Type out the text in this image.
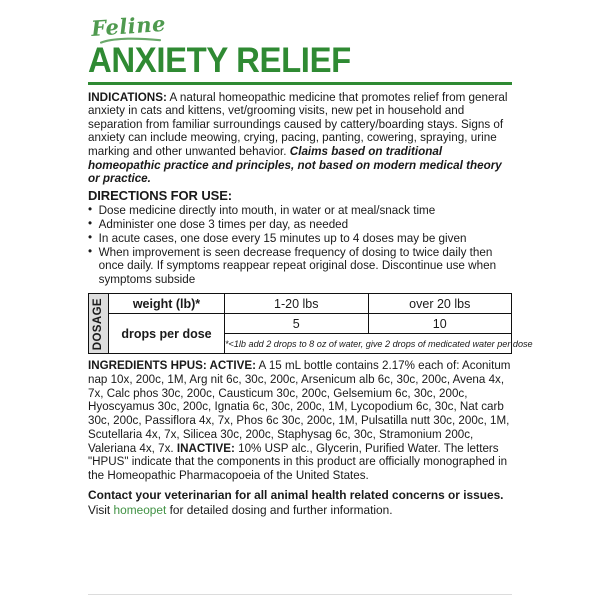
Feline
ANXIETY RELIEF
INDICATIONS: A natural homeopathic medicine that promotes relief from general anxiety in cats and kittens, vet/grooming visits, new pet in household and separation from familiar surroundings caused by cattery/boarding stays. Signs of anxiety can include meowing, crying, pacing, panting, cowering, spraying, urine marking and other unwanted behavior. Claims based on traditional homeopathic practice and principles, not based on modern medical theory or practice.
DIRECTIONS FOR USE:
• Dose medicine directly into mouth, in water or at meal/snack time
• Administer one dose 3 times per day, as needed
• In acute cases, one dose every 15 minutes up to 4 doses may be given
• When improvement is seen decrease frequency of dosing to twice daily then once daily. If symptoms reappear repeat original dose. Discontinue use when symptoms subside
DOSAGE	weight (lb)*	1-20 lbs	over 20 lbs
	drops per dose	5	10
		*<1lb add 2 drops to 8 oz of water, give 2 drops of medicated water per dose	
INGREDIENTS HPUS: ACTIVE: A 15 mL bottle contains 2.17% each of: Aconitum nap 10x, 200c, 1M, Arg nit 6c, 30c, 200c, Arsenicum alb 6c, 30c, 200c, Avena 4x, 7x, Calc phos 30c, 200c, Causticum 30c, 200c, Gelsemium 6c, 30c, 200c, Hyoscyamus 30c, 200c, Ignatia 6c, 30c, 200c, 1M, Lycopodium 6c, 30c, Nat carb 30c, 200c, Passiflora 4x, 7x, Phos 6c 30c, 200c, 1M, Pulsatilla nutt 30c, 200c, 1M, Scutellaria 4x, 7x, Silicea 30c, 200c, Staphysag 6c, 30c, Stramonium 200c, Valeriana 4x, 7x. INACTIVE: 10% USP alc., Glycerin, Purified Water. The letters "HPUS" indicate that the components in this product are officially monographed in the Homeopathic Pharmacopoeia of the United States.
Contact your veterinarian for all animal health related concerns or issues.
Visit homeopet for detailed dosing and further information.
